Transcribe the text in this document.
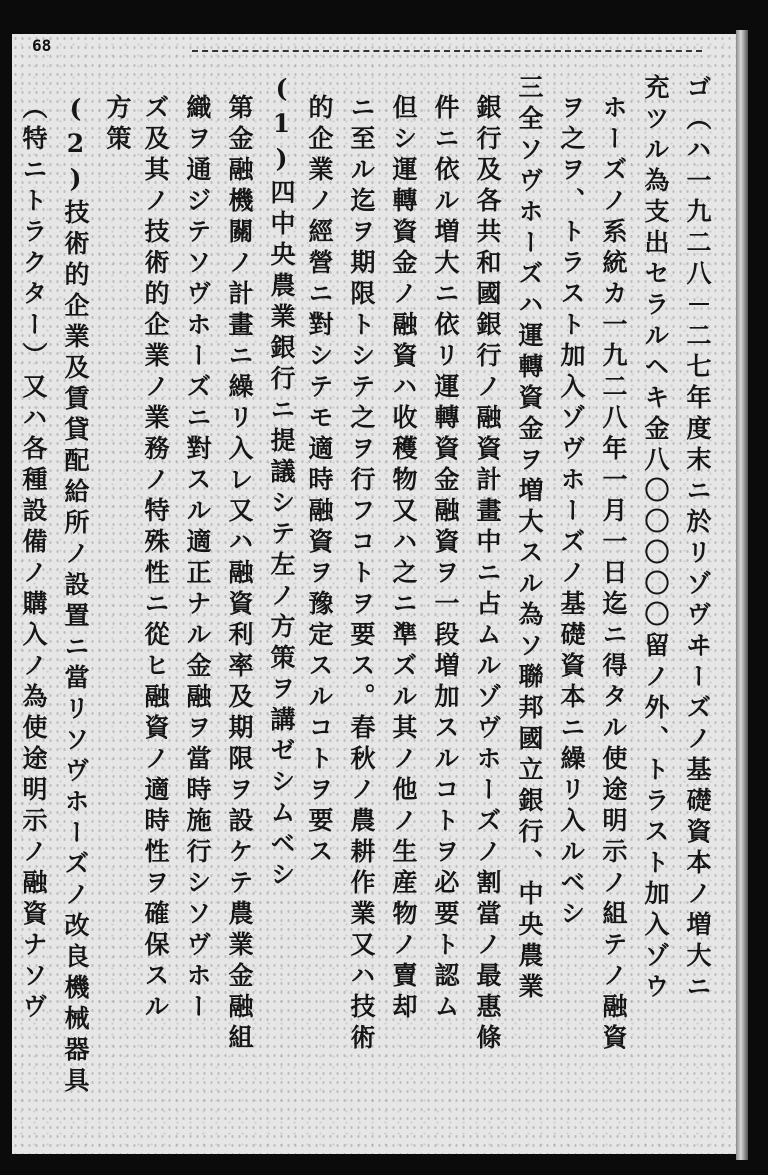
68
ゴ（ハ一九二八－二七年度末ニ於リゾヴヰーズノ基礎資本ノ増大ニ
充ツル為支出セラルヘキ金八〇〇〇〇〇留ノ外、トラスト加入ゾウ
ホーズノ系統カ一九二八年一月一日迄ニ得タル使途明示ノ組テノ融資
ヲ之ヲ、トラスト加入ゾヴホーズノ基礎資本ニ繰リ入ルベシ
三全ソヴホーズハ運轉資金ヲ増大スル為ソ聯邦國立銀行、中央農業
銀行及各共和國銀行ノ融資計畫中ニ占ムルゾヴホーズノ割當ノ最惠條
件ニ依ル増大ニ依リ運轉資金融資ヲ一段増加スルコトヲ必要ト認ム
但シ運轉資金ノ融資ハ收穫物又ハ之ニ準ズル其ノ他ノ生産物ノ賣却
ニ至ル迄ヲ期限トシテ之ヲ行フコトヲ要ス。春秋ノ農耕作業又ハ技術
的企業ノ經營ニ對シテモ適時融資ヲ豫定スルコトヲ要ス
(1)四中央農業銀行ニ提議シテ左ノ方策ヲ講ゼシムベシ
第金融機關ノ計畫ニ繰リ入レ又ハ融資利率及期限ヲ設ケテ農業金融組
織ヲ通ジテソヴホーズニ對スル適正ナル金融ヲ當時施行シソヴホー
ズ及其ノ技術的企業ノ業務ノ特殊性ニ從ヒ融資ノ適時性ヲ確保スル
方策
(2)技術的企業及賃貸配給所ノ設置ニ當リソヴホーズノ改良機械器具
（特ニトラクター）又ハ各種設備ノ購入ノ為使途明示ノ融資ナソヴ
